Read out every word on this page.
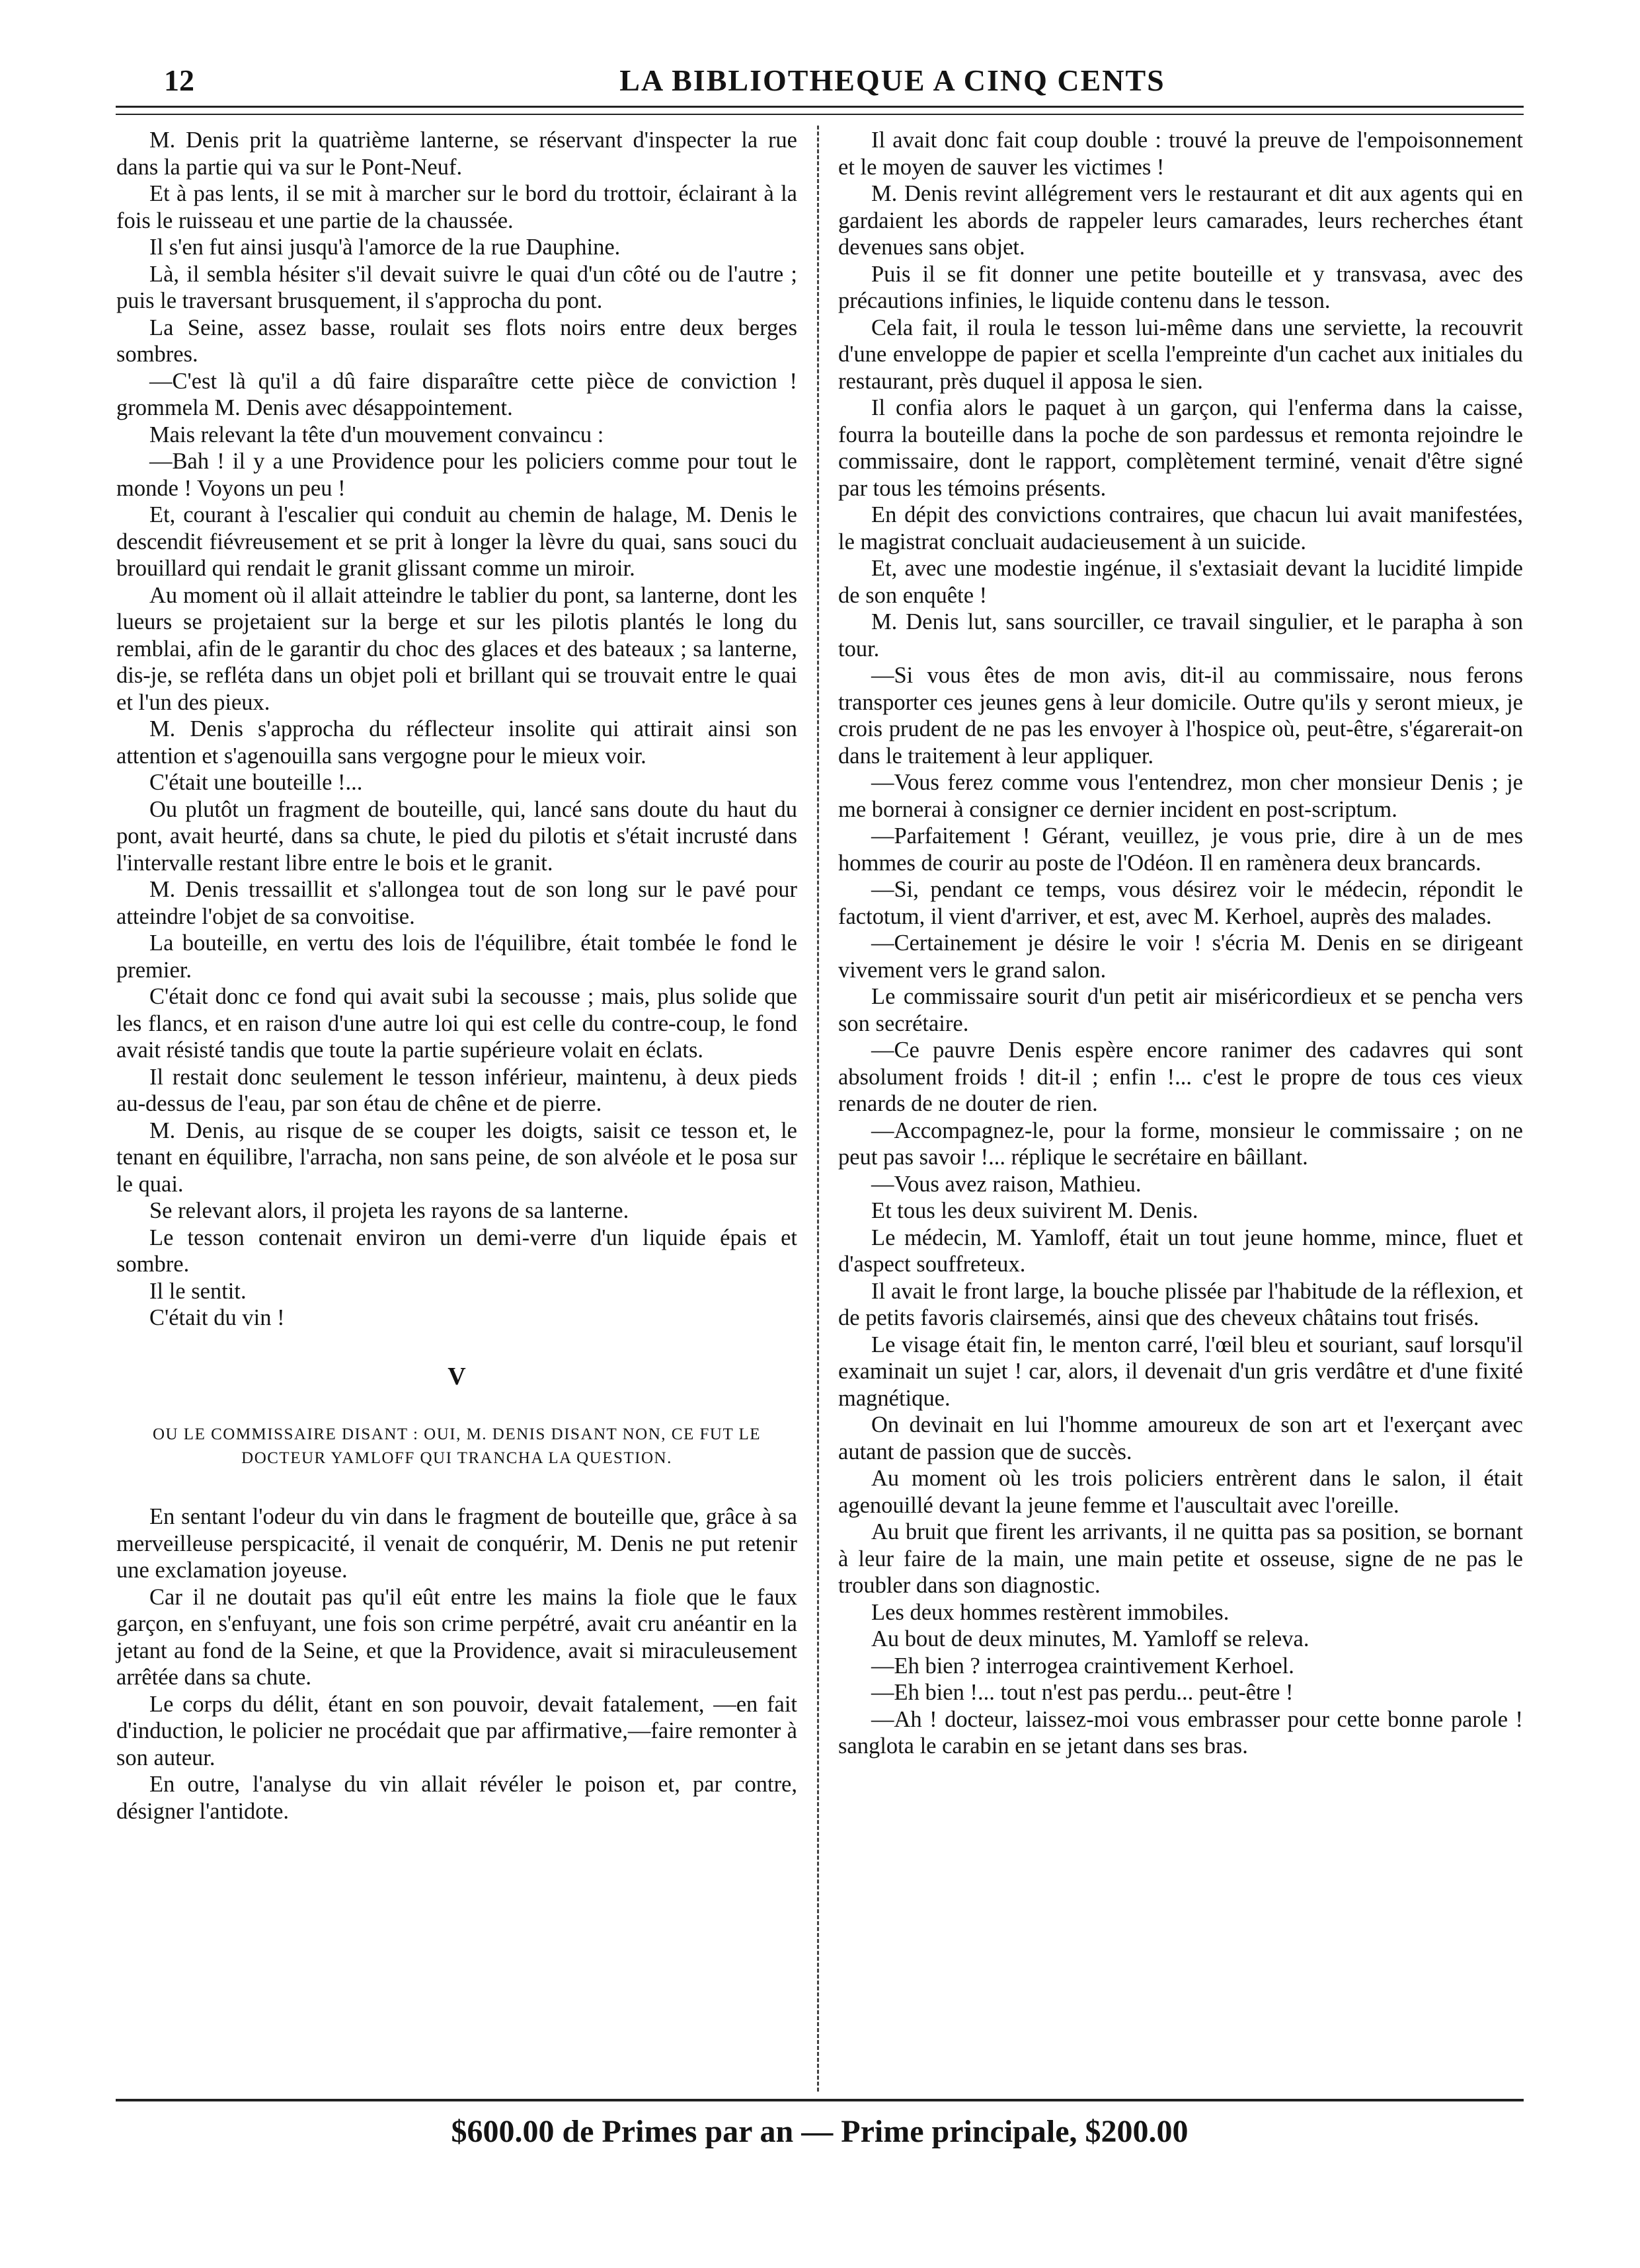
12	LA BIBLIOTHEQUE A CINQ CENTS

M. Denis prit la quatrième lanterne, se réservant d'inspecter la rue dans la partie qui va sur le Pont-Neuf.

Et à pas lents, il se mit à marcher sur le bord du trottoir, éclairant à la fois le ruisseau et une partie de la chaussée.

Il s'en fut ainsi jusqu'à l'amorce de la rue Dauphine.

Là, il sembla hésiter s'il devait suivre le quai d'un côté ou de l'autre ; puis le traversant brusquement, il s'approcha du pont.

La Seine, assez basse, roulait ses flots noirs entre deux berges sombres.

—C'est là qu'il a dû faire disparaître cette pièce de conviction ! grommela M. Denis avec désappointement.

Mais relevant la tête d'un mouvement convaincu :

—Bah ! il y a une Providence pour les policiers comme pour tout le monde ! Voyons un peu !

Et, courant à l'escalier qui conduit au chemin de halage, M. Denis le descendit fiévreusement et se prit à longer la lèvre du quai, sans souci du brouillard qui rendait le granit glissant comme un miroir.

Au moment où il allait atteindre le tablier du pont, sa lanterne, dont les lueurs se projetaient sur la berge et sur les pilotis plantés le long du remblai, afin de le garantir du choc des glaces et des bateaux ; sa lanterne, dis-je, se refléta dans un objet poli et brillant qui se trouvait entre le quai et l'un des pieux.

M. Denis s'approcha du réflecteur insolite qui attirait ainsi son attention et s'agenouilla sans vergogne pour le mieux voir.

C'était une bouteille !...

Ou plutôt un fragment de bouteille, qui, lancé sans doute du haut du pont, avait heurté, dans sa chute, le pied du pilotis et s'était incrusté dans l'intervalle restant libre entre le bois et le granit.

M. Denis tressaillit et s'allongea tout de son long sur le pavé pour atteindre l'objet de sa convoitise.

La bouteille, en vertu des lois de l'équilibre, était tombée le fond le premier.

C'était donc ce fond qui avait subi la secousse ; mais, plus solide que les flancs, et en raison d'une autre loi qui est celle du contre-coup, le fond avait résisté tandis que toute la partie supérieure volait en éclats.

Il restait donc seulement le tesson inférieur, maintenu, à deux pieds au-dessus de l'eau, par son étau de chêne et de pierre.

M. Denis, au risque de se couper les doigts, saisit ce tesson et, le tenant en équilibre, l'arracha, non sans peine, de son alvéole et le posa sur le quai.

Se relevant alors, il projeta les rayons de sa lanterne.

Le tesson contenait environ un demi-verre d'un liquide épais et sombre.

Il le sentit.

C'était du vin !

V
OU LE COMMISSAIRE DISANT : OUI, M. DENIS DISANT NON, CE FUT LE DOCTEUR YAMLOFF QUI TRANCHA LA QUESTION.

En sentant l'odeur du vin dans le fragment de bouteille que, grâce à sa merveilleuse perspicacité, il venait de conquérir, M. Denis ne put retenir une exclamation joyeuse.

Car il ne doutait pas qu'il eût entre les mains la fiole que le faux garçon, en s'enfuyant, une fois son crime perpétré, avait cru anéantir en la jetant au fond de la Seine, et que la Providence, avait si miraculeusement arrêtée dans sa chute.

Le corps du délit, étant en son pouvoir, devait fatalement, —en fait d'induction, le policier ne procédait que par affirmative,—faire remonter à son auteur.

En outre, l'analyse du vin allait révéler le poison et, par contre, désigner l'antidote.

Il avait donc fait coup double : trouvé la preuve de l'empoisonnement et le moyen de sauver les victimes !

M. Denis revint allégrement vers le restaurant et dit aux agents qui en gardaient les abords de rappeler leurs camarades, leurs recherches étant devenues sans objet.

Puis il se fit donner une petite bouteille et y transvasa, avec des précautions infinies, le liquide contenu dans le tesson.

Cela fait, il roula le tesson lui-même dans une serviette, la recouvrit d'une enveloppe de papier et scella l'empreinte d'un cachet aux initiales du restaurant, près duquel il apposa le sien.

Il confia alors le paquet à un garçon, qui l'enferma dans la caisse, fourra la bouteille dans la poche de son pardessus et remonta rejoindre le commissaire, dont le rapport, complètement terminé, venait d'être signé par tous les témoins présents.

En dépit des convictions contraires, que chacun lui avait manifestées, le magistrat concluait audacieusement à un suicide.

Et, avec une modestie ingénue, il s'extasiait devant la lucidité limpide de son enquête !

M. Denis lut, sans sourciller, ce travail singulier, et le parapha à son tour.

—Si vous êtes de mon avis, dit-il au commissaire, nous ferons transporter ces jeunes gens à leur domicile. Outre qu'ils y seront mieux, je crois prudent de ne pas les envoyer à l'hospice où, peut-être, s'égarerait-on dans le traitement à leur appliquer.

—Vous ferez comme vous l'entendrez, mon cher monsieur Denis ; je me bornerai à consigner ce dernier incident en post-scriptum.

—Parfaitement ! Gérant, veuillez, je vous prie, dire à un de mes hommes de courir au poste de l'Odéon. Il en ramènera deux brancards.

—Si, pendant ce temps, vous désirez voir le médecin, répondit le factotum, il vient d'arriver, et est, avec M. Kerhoel, auprès des malades.

—Certainement je désire le voir ! s'écria M. Denis en se dirigeant vivement vers le grand salon.

Le commissaire sourit d'un petit air miséricordieux et se pencha vers son secrétaire.

—Ce pauvre Denis espère encore ranimer des cadavres qui sont absolument froids ! dit-il ; enfin !... c'est le propre de tous ces vieux renards de ne douter de rien.

—Accompagnez-le, pour la forme, monsieur le commissaire ; on ne peut pas savoir !... réplique le secrétaire en bâillant.

—Vous avez raison, Mathieu.

Et tous les deux suivirent M. Denis.

Le médecin, M. Yamloff, était un tout jeune homme, mince, fluet et d'aspect souffreteux.

Il avait le front large, la bouche plissée par l'habitude de la réflexion, et de petits favoris clairsemés, ainsi que des cheveux châtains tout frisés.

Le visage était fin, le menton carré, l'œil bleu et souriant, sauf lorsqu'il examinait un sujet ! car, alors, il devenait d'un gris verdâtre et d'une fixité magnétique.

On devinait en lui l'homme amoureux de son art et l'exerçant avec autant de passion que de succès.

Au moment où les trois policiers entrèrent dans le salon, il était agenouillé devant la jeune femme et l'auscultait avec l'oreille.

Au bruit que firent les arrivants, il ne quitta pas sa position, se bornant à leur faire de la main, une main petite et osseuse, signe de ne pas le troubler dans son diagnostic.

Les deux hommes restèrent immobiles.

Au bout de deux minutes, M. Yamloff se releva.

—Eh bien ? interrogea craintivement Kerhoel.

—Eh bien !... tout n'est pas perdu... peut-être !

—Ah ! docteur, laissez-moi vous embrasser pour cette bonne parole ! sanglota le carabin en se jetant dans ses bras.

$600.00 de Primes par an — Prime principale, $200.00
